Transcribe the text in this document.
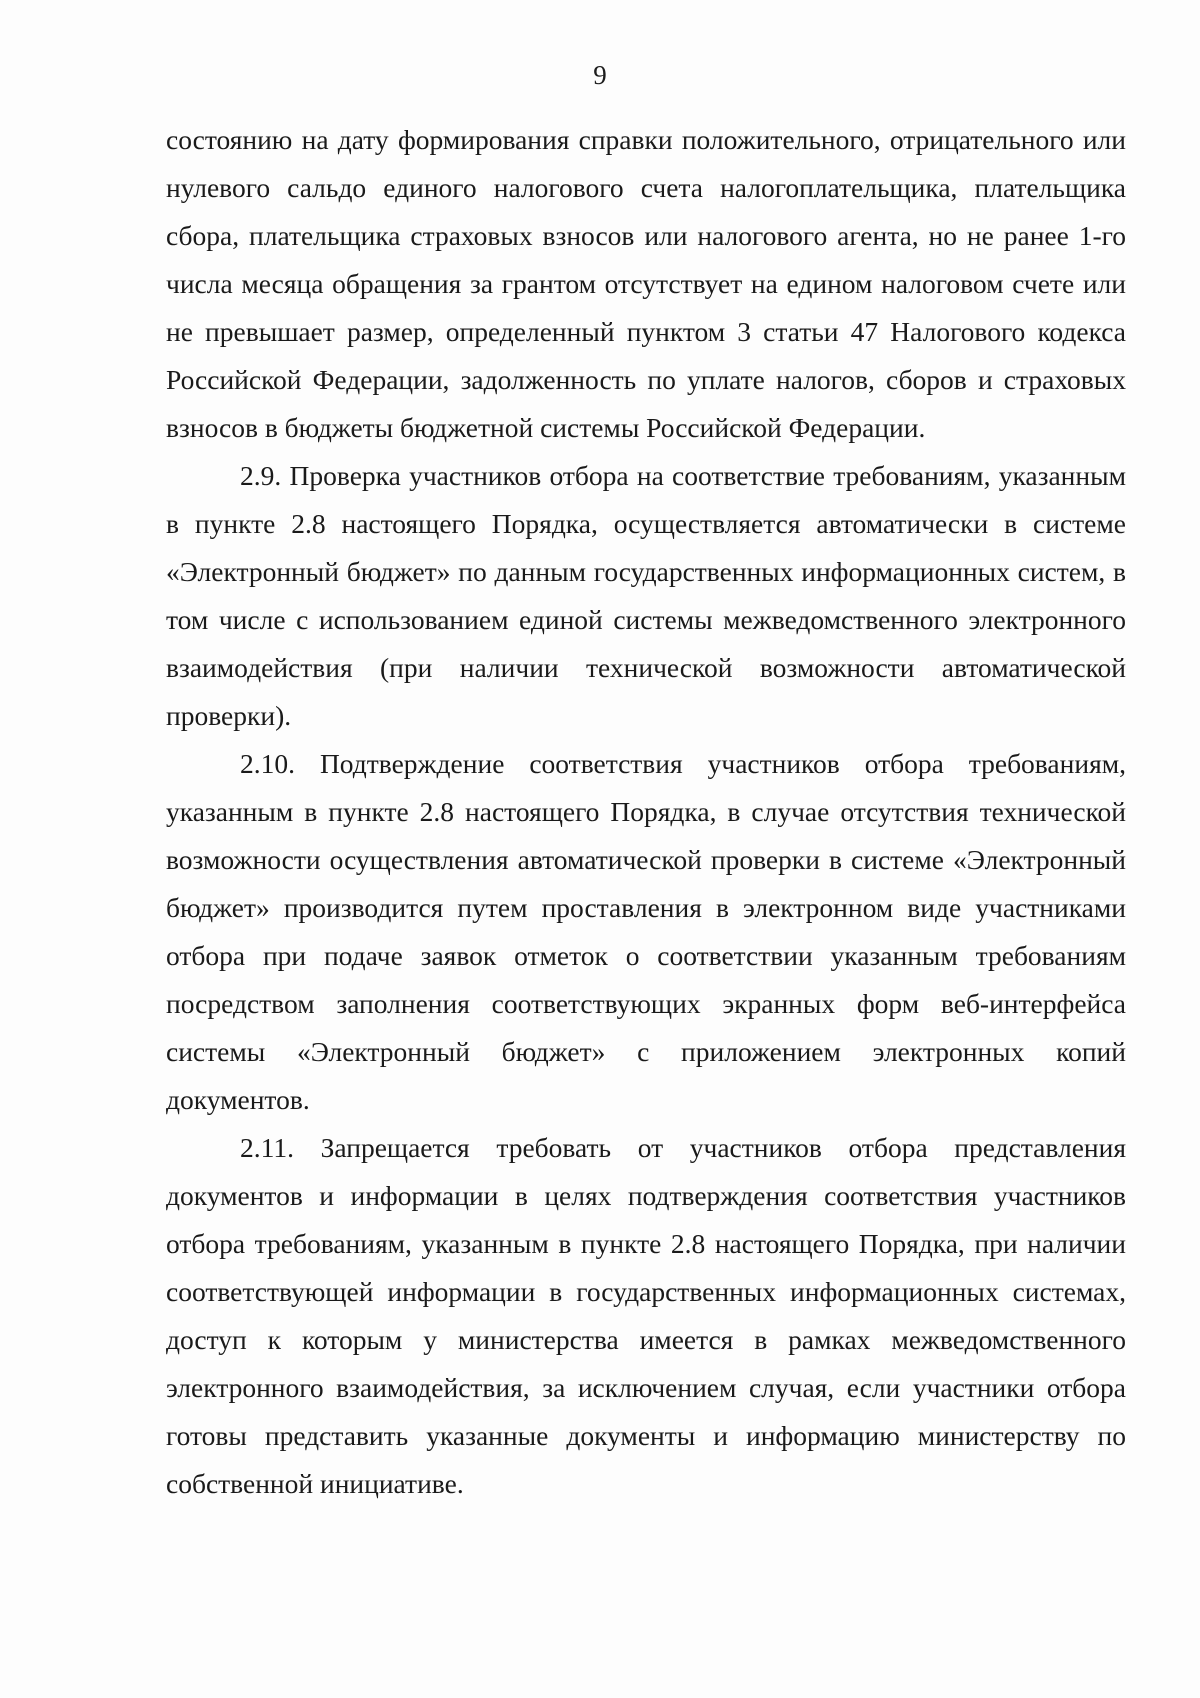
9

состоянию на дату формирования справки положительного, отрицательного или нулевого сальдо единого налогового счета налогоплательщика, плательщика сбора, плательщика страховых взносов или налогового агента, но не ранее 1-го числа месяца обращения за грантом отсутствует на едином налоговом счете или не превышает размер, определенный пунктом 3 статьи 47 Налогового кодекса Российской Федерации, задолженность по уплате налогов, сборов и страховых взносов в бюджеты бюджетной системы Российской Федерации.

2.9. Проверка участников отбора на соответствие требованиям, указанным в пункте 2.8 настоящего Порядка, осуществляется автоматически в системе «Электронный бюджет» по данным государственных информационных систем, в том числе с использованием единой системы межведомственного электронного взаимодействия (при наличии технической возможности автоматической проверки).

2.10. Подтверждение соответствия участников отбора требованиям, указанным в пункте 2.8 настоящего Порядка, в случае отсутствия технической возможности осуществления автоматической проверки в системе «Электронный бюджет» производится путем проставления в электронном виде участниками отбора при подаче заявок отметок о соответствии указанным требованиям посредством заполнения соответствующих экранных форм веб-интерфейса системы «Электронный бюджет» с приложением электронных копий документов.

2.11. Запрещается требовать от участников отбора представления документов и информации в целях подтверждения соответствия участников отбора требованиям, указанным в пункте 2.8 настоящего Порядка, при наличии соответствующей информации в государственных информационных системах, доступ к которым у министерства имеется в рамках межведомственного электронного взаимодействия, за исключением случая, если участники отбора готовы представить указанные документы и информацию министерству по собственной инициативе.
